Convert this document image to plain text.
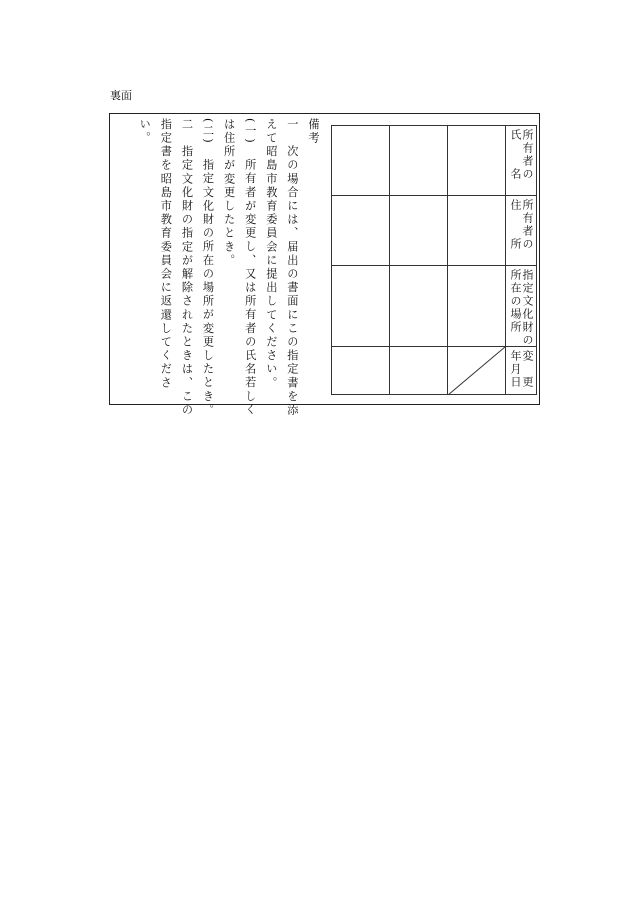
裏面
備考
一　次の場合には、届出の書面にこの指定書を添
えて昭島市教育委員会に提出してください。
(一)　所有者が変更し、又は所有者の氏名若しく
は住所が変更したとき。
(二)　指定文化財の所在の場所が変更したとき。
二　指定文化財の指定が解除されたときは、この
指定書を昭島市教育委員会に返還してくださ
い。

			所有者の
氏　　名

			所有者の
住　　所

			指定文化財の
所在の場所

変　更
年月日
